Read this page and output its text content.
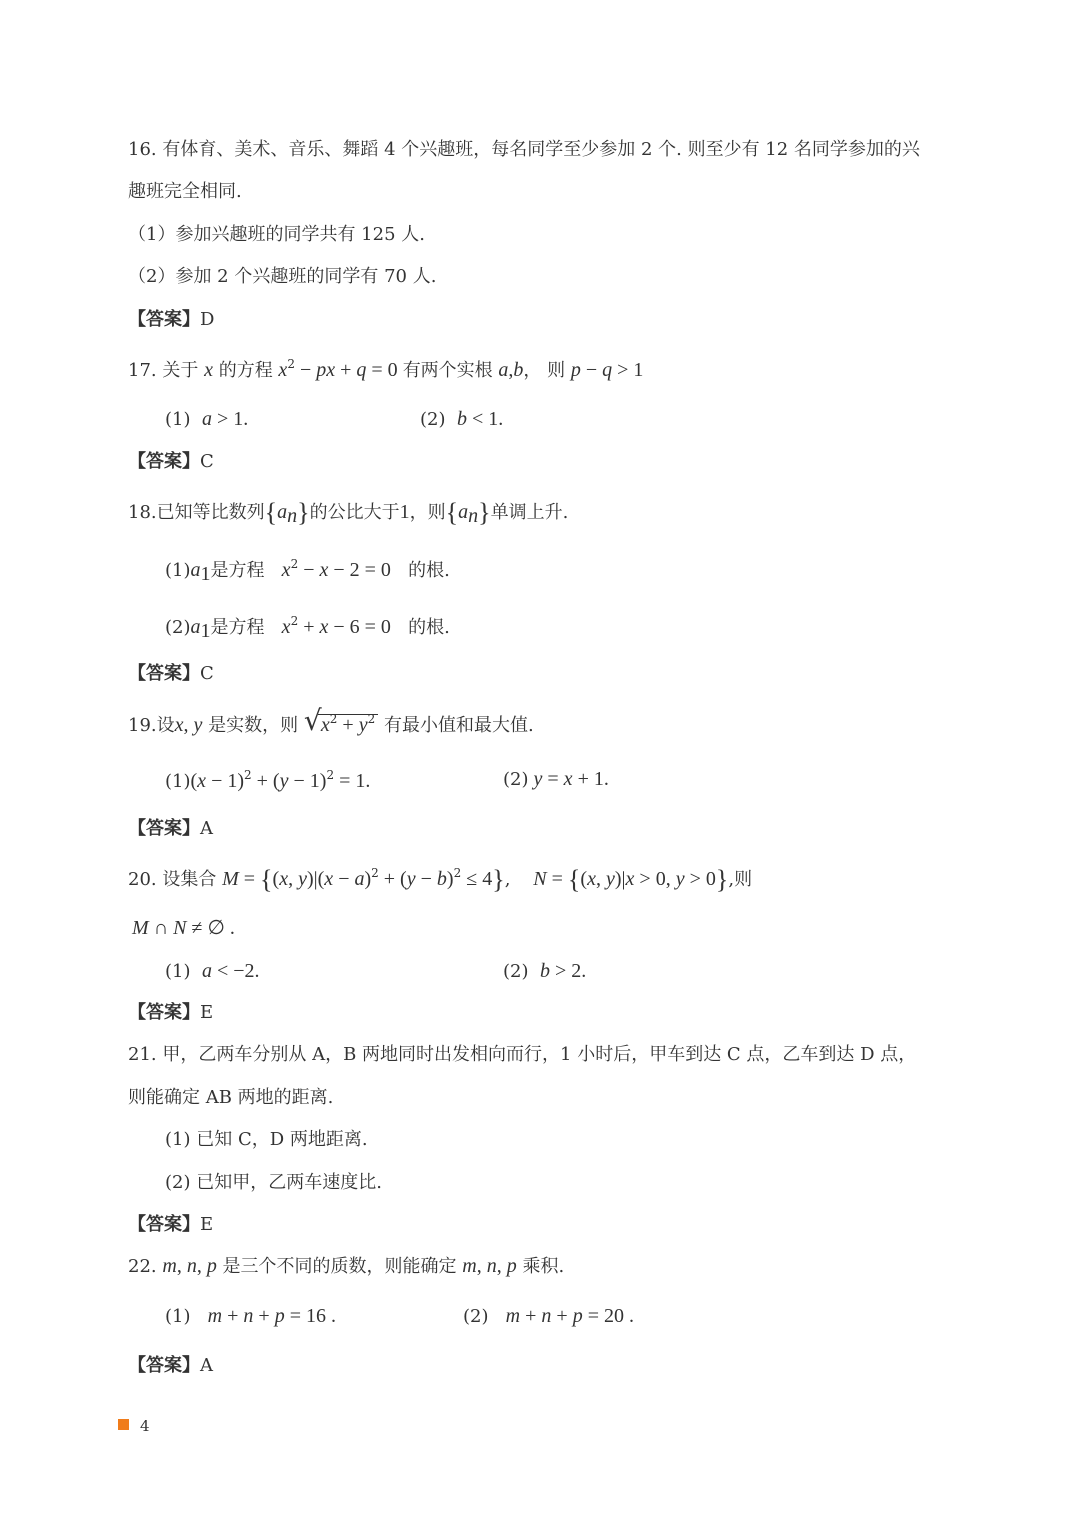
16. 有体育、美术、音乐、舞蹈 4 个兴趣班，每名同学至少参加 2 个. 则至少有 12 名同学参加的兴
趣班完全相同.
（1）参加兴趣班的同学共有 125 人.
（2）参加 2 个兴趣班的同学有 70 人.
【答案】D
17. 关于 x 的方程 $x^2$ − px + q = 0 有两个实根 a,b， 则 p − q > 1
(1)  a > 1.	(2)  b < 1.
【答案】C
18.已知等比数列$\{a_n\}$的公比大于1，则$\{a_n\}$单调上升.
$(1)a_1$是方程   $x^2 - x - 2 = 0$   的根.
$(2)a_1$是方程   $x^2 + x - 6 = 0$   的根.
【答案】C
19.设x, y 是实数，则 √ $x^2 + y^2$ 有最小值和最大值.
$(1)(x - 1)^2 + (y - 1)^2 = 1$.	(2) y = x + 1.
【答案】A
20. 设集合 M = {(x, $y)|(x - a)^2 + (y - b)^2 \le 4$},    N = {(x, y)|x > 0, y > 0},则
M ∩ N ≠ ∅ .
(1)  a < −2.	(2)  b > 2.
【答案】E
21. 甲，乙两车分别从 A，B 两地同时出发相向而行，1 小时后，甲车到达 C 点，乙车到达 D 点，
则能确定 AB 两地的距离.
(1) 已知 C，D 两地距离.
(2) 已知甲，乙两车速度比.
【答案】E
22. m, n, p 是三个不同的质数，则能确定 m, n, p 乘积.
(1)   m + n + p = 16 .	(2)   m + n + p = 20 .
【答案】A
4
